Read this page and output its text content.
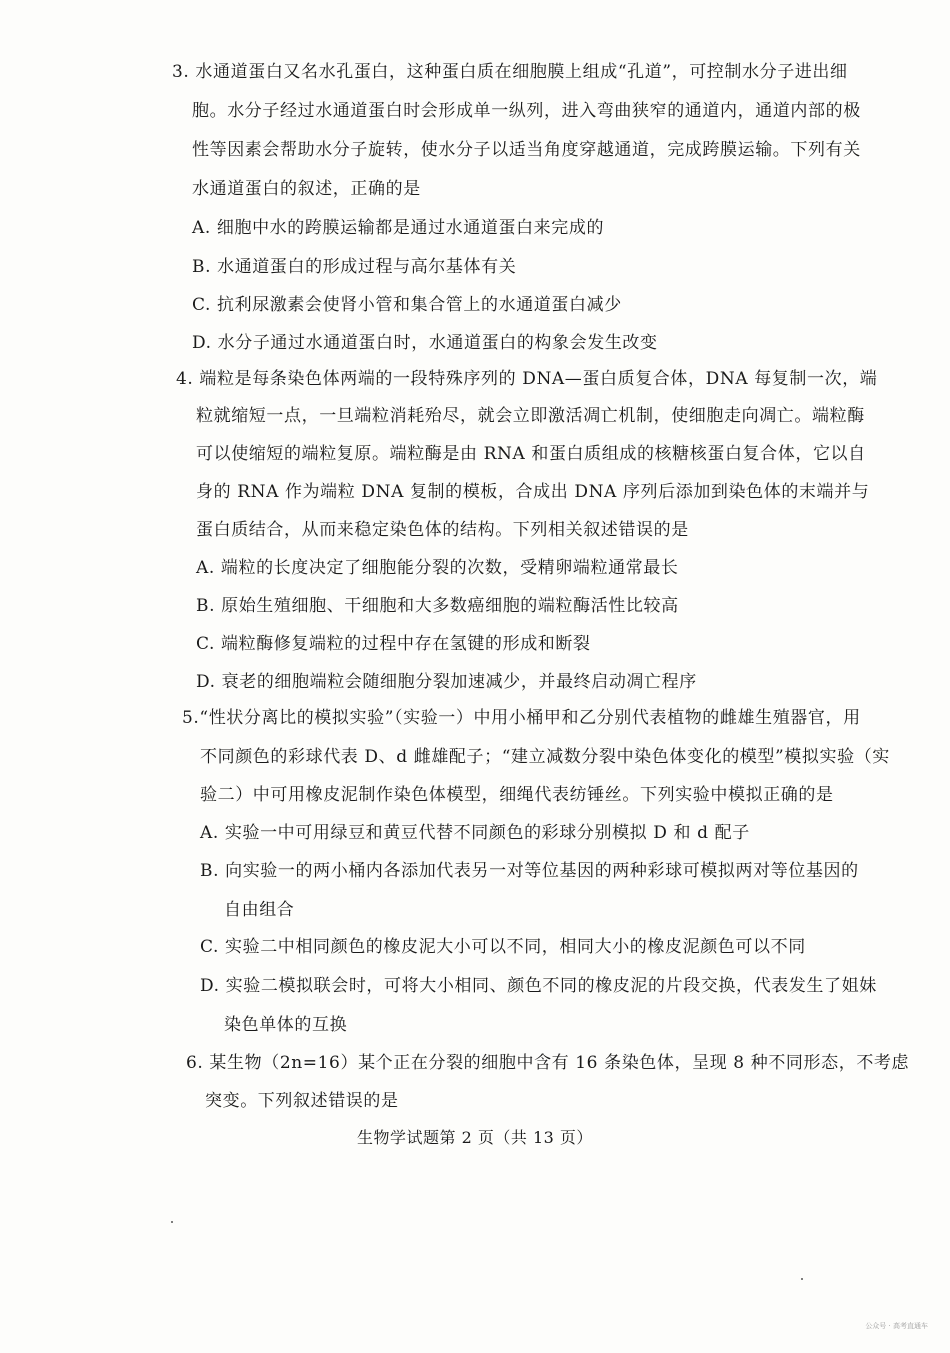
3. 水通道蛋白又名水孔蛋白，这种蛋白质在细胞膜上组成“孔道”，可控制水分子进出细
胞。水分子经过水通道蛋白时会形成单一纵列，进入弯曲狭窄的通道内，通道内部的极
性等因素会帮助水分子旋转，使水分子以适当角度穿越通道，完成跨膜运输。下列有关
水通道蛋白的叙述，正确的是
A. 细胞中水的跨膜运输都是通过水通道蛋白来完成的
B. 水通道蛋白的形成过程与高尔基体有关
C. 抗利尿激素会使肾小管和集合管上的水通道蛋白减少
D. 水分子通过水通道蛋白时，水通道蛋白的构象会发生改变
4. 端粒是每条染色体两端的一段特殊序列的 DNA—蛋白质复合体，DNA 每复制一次，端
粒就缩短一点，一旦端粒消耗殆尽，就会立即激活凋亡机制，使细胞走向凋亡。端粒酶
可以使缩短的端粒复原。端粒酶是由 RNA 和蛋白质组成的核糖核蛋白复合体，它以自
身的 RNA 作为端粒 DNA 复制的模板，合成出 DNA 序列后添加到染色体的末端并与
蛋白质结合，从而来稳定染色体的结构。下列相关叙述错误的是
A. 端粒的长度决定了细胞能分裂的次数，受精卵端粒通常最长
B. 原始生殖细胞、干细胞和大多数癌细胞的端粒酶活性比较高
C. 端粒酶修复端粒的过程中存在氢键的形成和断裂
D. 衰老的细胞端粒会随细胞分裂加速减少，并最终启动凋亡程序
5.“性状分离比的模拟实验”（实验一）中用小桶甲和乙分别代表植物的雌雄生殖器官，用
不同颜色的彩球代表 D、d 雌雄配子；“建立减数分裂中染色体变化的模型”模拟实验（实
验二）中可用橡皮泥制作染色体模型，细绳代表纺锤丝。下列实验中模拟正确的是
A. 实验一中可用绿豆和黄豆代替不同颜色的彩球分别模拟 D 和 d 配子
B. 向实验一的两小桶内各添加代表另一对等位基因的两种彩球可模拟两对等位基因的
自由组合
C. 实验二中相同颜色的橡皮泥大小可以不同，相同大小的橡皮泥颜色可以不同
D. 实验二模拟联会时，可将大小相同、颜色不同的橡皮泥的片段交换，代表发生了姐妹
染色单体的互换
6. 某生物（2n=16）某个正在分裂的细胞中含有 16 条染色体，呈现 8 种不同形态，不考虑
突变。下列叙述错误的是
生物学试题第 2 页（共 13 页）
公众号 · 高考直通车
